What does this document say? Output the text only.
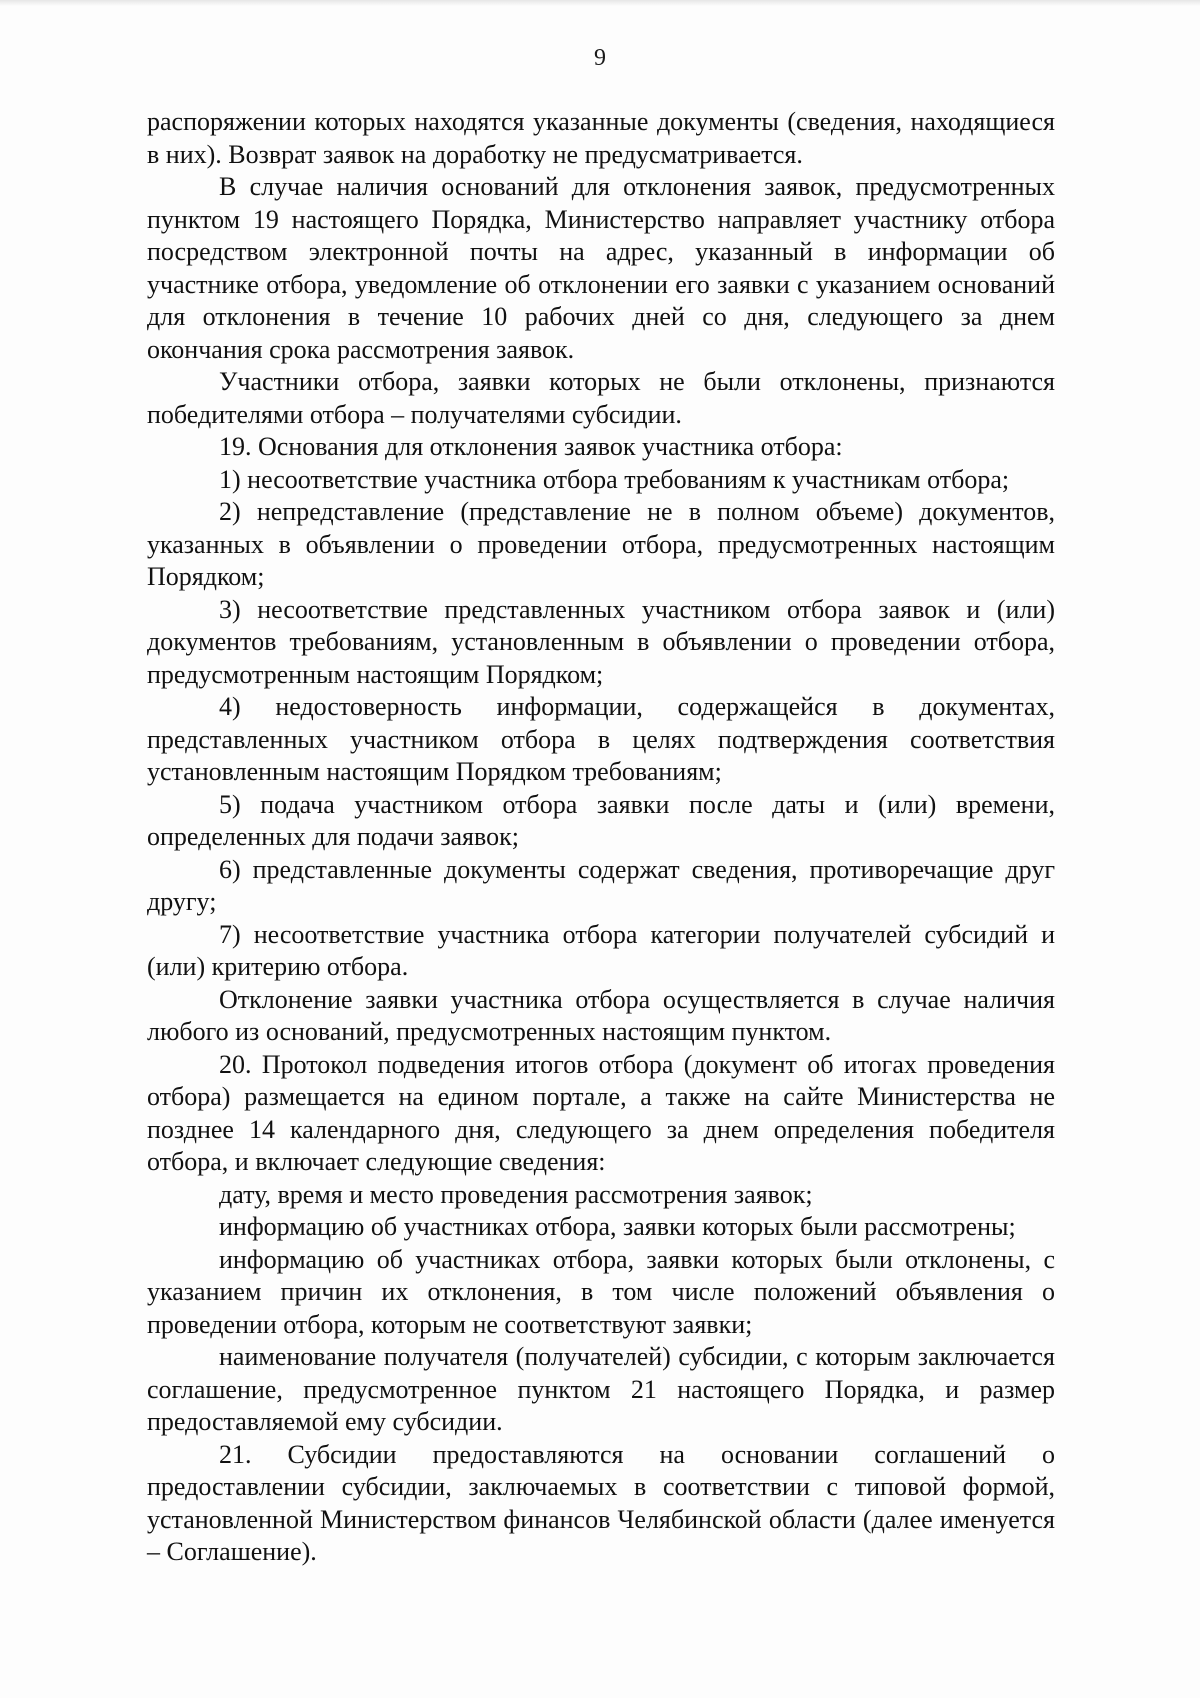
9

распоряжении которых находятся указанные документы (сведения, находящиеся в них). Возврат заявок на доработку не предусматривается.

В случае наличия оснований для отклонения заявок, предусмотренных пунктом 19 настоящего Порядка, Министерство направляет участнику отбора посредством электронной почты на адрес, указанный в информации об участнике отбора, уведомление об отклонении его заявки с указанием оснований для отклонения в течение 10 рабочих дней со дня, следующего за днем окончания срока рассмотрения заявок.

Участники отбора, заявки которых не были отклонены, признаются победителями отбора – получателями субсидии.

19. Основания для отклонения заявок участника отбора:

1) несоответствие участника отбора требованиям к участникам отбора;

2) непредставление (представление не в полном объеме) документов, указанных в объявлении о проведении отбора, предусмотренных настоящим Порядком;

3) несоответствие представленных участником отбора заявок и (или) документов требованиям, установленным в объявлении о проведении отбора, предусмотренным настоящим Порядком;

4) недостоверность информации, содержащейся в документах, представленных участником отбора в целях подтверждения соответствия установленным настоящим Порядком требованиям;

5) подача участником отбора заявки после даты и (или) времени, определенных для подачи заявок;

6) представленные документы содержат сведения, противоречащие друг другу;

7) несоответствие участника отбора категории получателей субсидий и (или) критерию отбора.

Отклонение заявки участника отбора осуществляется в случае наличия любого из оснований, предусмотренных настоящим пунктом.

20. Протокол подведения итогов отбора (документ об итогах проведения отбора) размещается на едином портале, а также на сайте Министерства не позднее 14 календарного дня, следующего за днем определения победителя отбора, и включает следующие сведения:

дату, время и место проведения рассмотрения заявок;

информацию об участниках отбора, заявки которых были рассмотрены;

информацию об участниках отбора, заявки которых были отклонены, с указанием причин их отклонения, в том числе положений объявления о проведении отбора, которым не соответствуют заявки;

наименование получателя (получателей) субсидии, с которым заключается соглашение, предусмотренное пунктом 21 настоящего Порядка, и размер предоставляемой ему субсидии.

21. Субсидии предоставляются на основании соглашений о предоставлении субсидии, заключаемых в соответствии с типовой формой, установленной Министерством финансов Челябинской области (далее именуется – Соглашение).
